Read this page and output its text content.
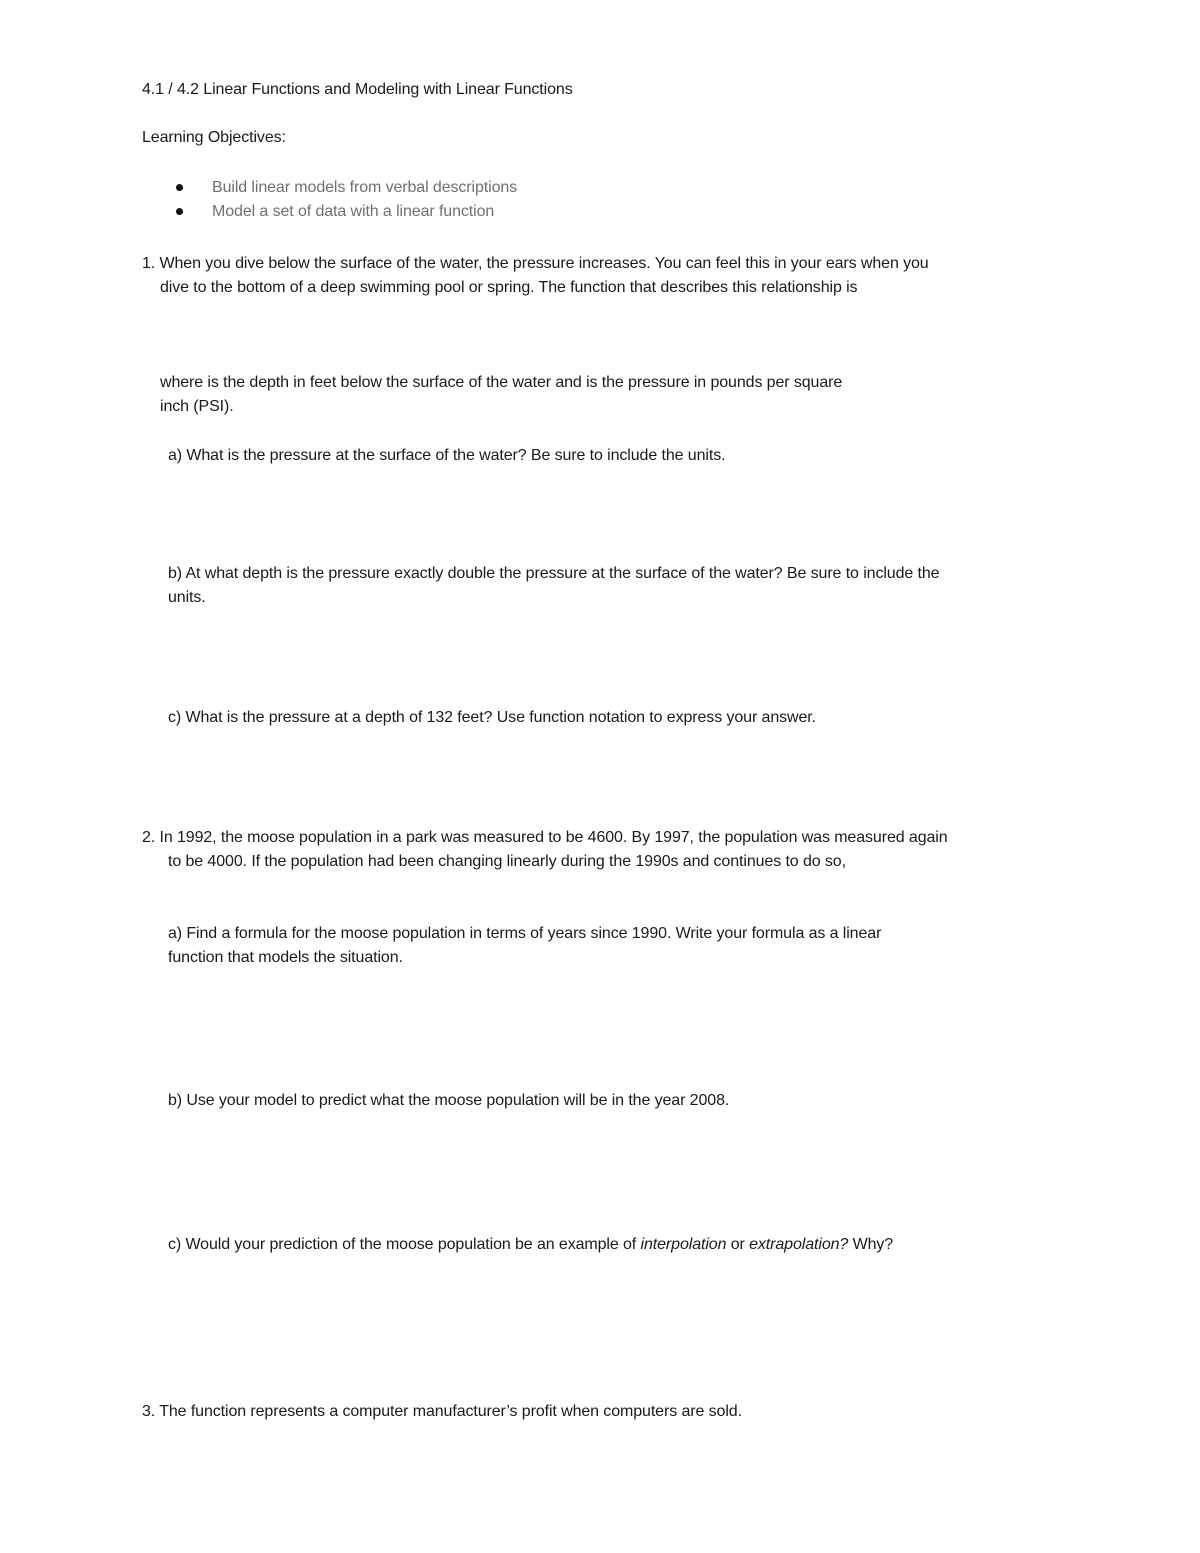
4.1 / 4.2 Linear Functions and Modeling with Linear Functions
Learning Objectives:
Build linear models from verbal descriptions
Model a set of data with a linear function
1. When you dive below the surface of the water, the pressure increases. You can feel this in your ears when you
dive to the bottom of a deep swimming pool or spring. The function that describes this relationship is
where is the depth in feet below the surface of the water and is the pressure in pounds per square
inch (PSI).
a) What is the pressure at the surface of the water? Be sure to include the units.
b) At what depth is the pressure exactly double the pressure at the surface of the water? Be sure to include the
units.
c) What is the pressure at a depth of 132 feet? Use function notation to express your answer.
2. In 1992, the moose population in a park was measured to be 4600. By 1997, the population was measured again
to be 4000. If the population had been changing linearly during the 1990s and continues to do so,
a) Find a formula for the moose population in terms of years since 1990. Write your formula as a linear
function that models the situation.
b) Use your model to predict what the moose population will be in the year 2008.
c) Would your prediction of the moose population be an example of interpolation or extrapolation? Why?
3. The function represents a computer manufacturer’s profit when computers are sold.
